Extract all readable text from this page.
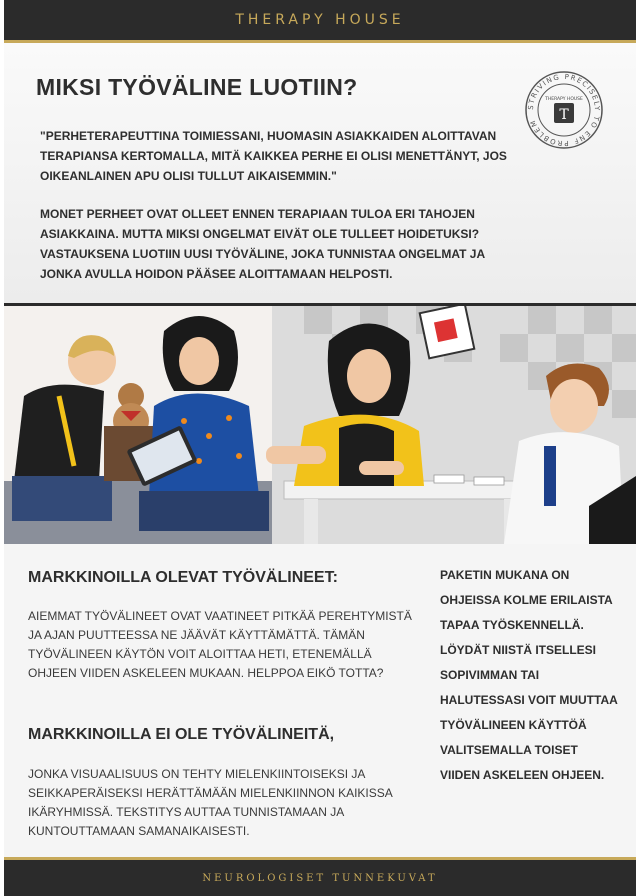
THERAPY HOUSE
MIKSI TYÖVÄLINE LUOTIIN?

"PERHETERAPEUTTINA TOIMIESSANI, HUOMASIN ASIAKKAIDEN ALOITTAVAN TERAPIANSA KERTOMALLA, MITÄ KAIKKEA PERHE EI OLISI MENETTÄNYT, JOS OIKEANLAINEN APU OLISI TULLUT AIKAISEMMIN."

MONET PERHEET OVAT OLLEET ENNEN TERAPIAAN TULOA ERI TAHOJEN ASIAKKAINA. MUTTA MIKSI ONGELMAT EIVÄT OLE TULLEET HOIDETUKSI? VASTAUKSENA LUOTIIN UUSI TYÖVÄLINE, JOKA TUNNISTAA ONGELMAT JA JONKA AVULLA HOIDON PÄÄSEE ALOITTAMAAN HELPOSTI.

STRIVING PRECISELY TO ENF PROBLEM
THERAPY HOUSE
T
MARKKINOILLA OLEVAT TYÖVÄLINEET:

AIEMMAT TYÖVÄLINEET OVAT VAATINEET PITKÄÄ PEREHTYMISTÄ JA AJAN PUUTTEESSA NE JÄÄVÄT KÄYTTÄMÄTTÄ. TÄMÄN TYÖVÄLINEEN KÄYTÖN VOIT ALOITTAA HETI, ETENEMÄLLÄ OHJEEN VIIDEN ASKELEEN MUKAAN. HELPPOA EIKÖ TOTTA?

MARKKINOILLA EI OLE TYÖVÄLINEITÄ,

JONKA VISUAALISUUS ON TEHTY MIELENKIINTOISEKSI JA SEIKKAPERÄISEKSI HERÄTTÄMÄÄN MIELENKIINNON KAIKISSA IKÄRYHMISSÄ. TEKSTITYS AUTTAA TUNNISTAMAAN JA KUNTOUTTAMAAN SAMANAIKAISESTI.

PAKETIN MUKANA ON OHJEISSA KOLME ERILAISTA TAPAA TYÖSKENNELLÄ. LÖYDÄT NIISTÄ ITSELLESI SOPIVIMMAN TAI HALUTESSASI VOIT MUUTTAA TYÖVÄLINEEN KÄYTTÖÄ VALITSEMALLA TOISET VIIDEN ASKELEEN OHJEEN.

NEUROLOGISET TUNNEKUVAT
